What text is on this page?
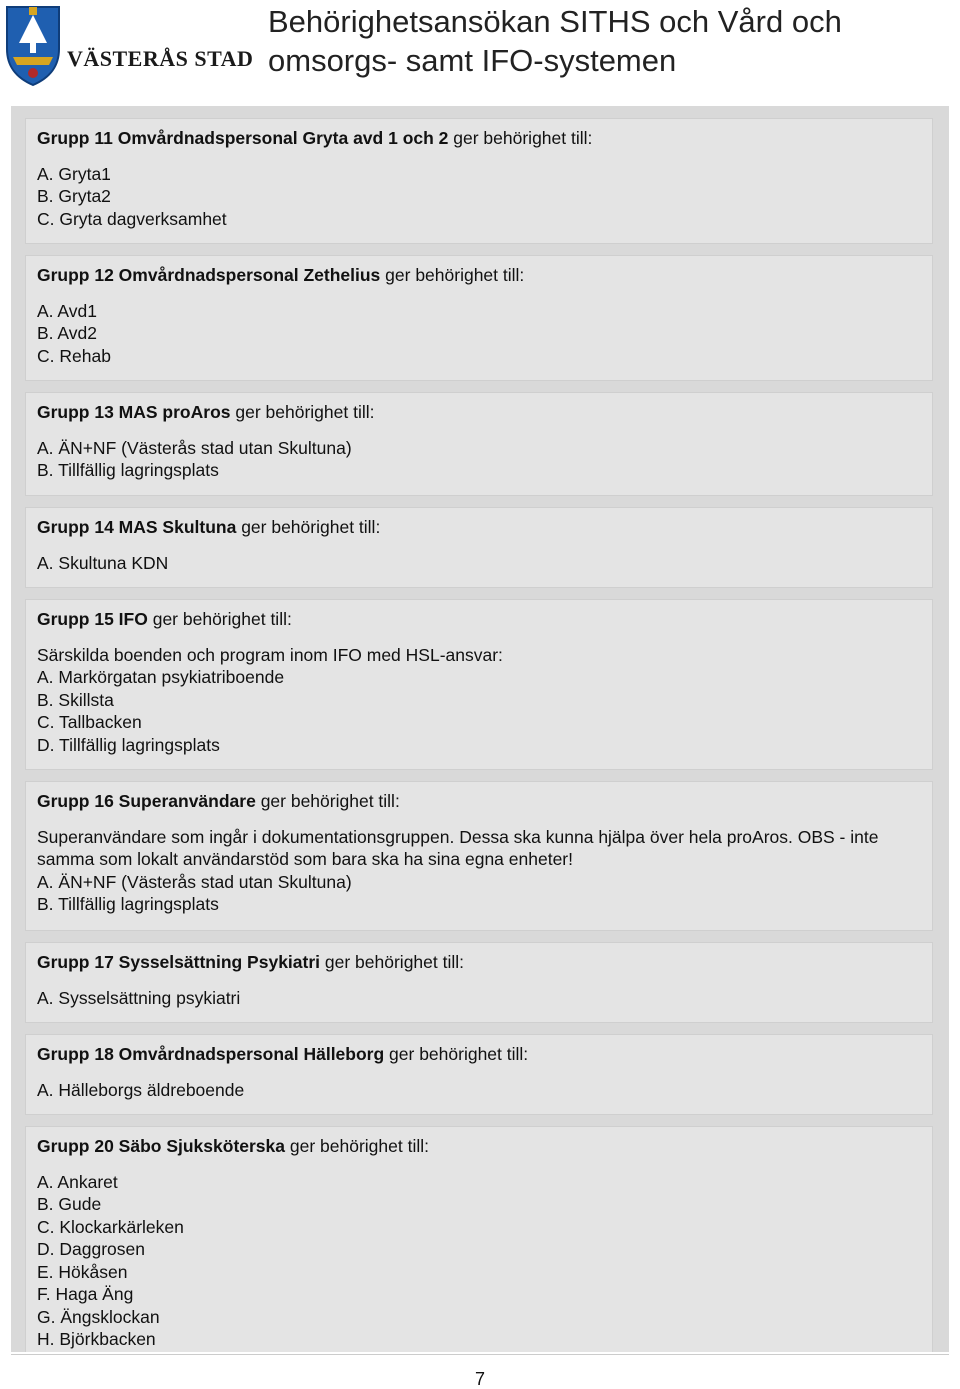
VÄSTERÅS STAD
Behörighetsansökan SITHS och Vård och omsorgs- samt IFO-systemen

Grupp 11 Omvårdnadspersonal Gryta avd 1 och 2 ger behörighet till:

A. Gryta1

B. Gryta2

C. Gryta dagverksamhet

Grupp 12 Omvårdnadspersonal Zethelius ger behörighet till:

A. Avd1

B. Avd2

C. Rehab

Grupp 13 MAS proAros ger behörighet till:

A. ÄN+NF (Västerås stad utan Skultuna)

B. Tillfällig lagringsplats

Grupp 14 MAS Skultuna ger behörighet till:

A. Skultuna KDN

Grupp 15 IFO ger behörighet till:

Särskilda boenden och program inom IFO med HSL-ansvar:

A. Markörgatan psykiatriboende

B. Skillsta

C. Tallbacken

D. Tillfällig lagringsplats

Grupp 16 Superanvändare ger behörighet till:

Superanvändare som ingår i dokumentationsgruppen. Dessa ska kunna hjälpa över hela proAros. OBS - inte samma som lokalt användarstöd som bara ska ha sina egna enheter!

A. ÄN+NF (Västerås stad utan Skultuna)

B. Tillfällig lagringsplats

Grupp 17 Sysselsättning Psykiatri ger behörighet till:

A. Sysselsättning psykiatri

Grupp 18 Omvårdnadspersonal Hälleborg ger behörighet till:

A. Hälleborgs äldreboende

Grupp 20 Säbo Sjuksköterska ger behörighet till:

A. Ankaret

B. Gude

C. Klockarkärleken

D. Daggrosen

E. Hökåsen

F. Haga Äng

G. Ängsklockan

H. Björkbacken

7
